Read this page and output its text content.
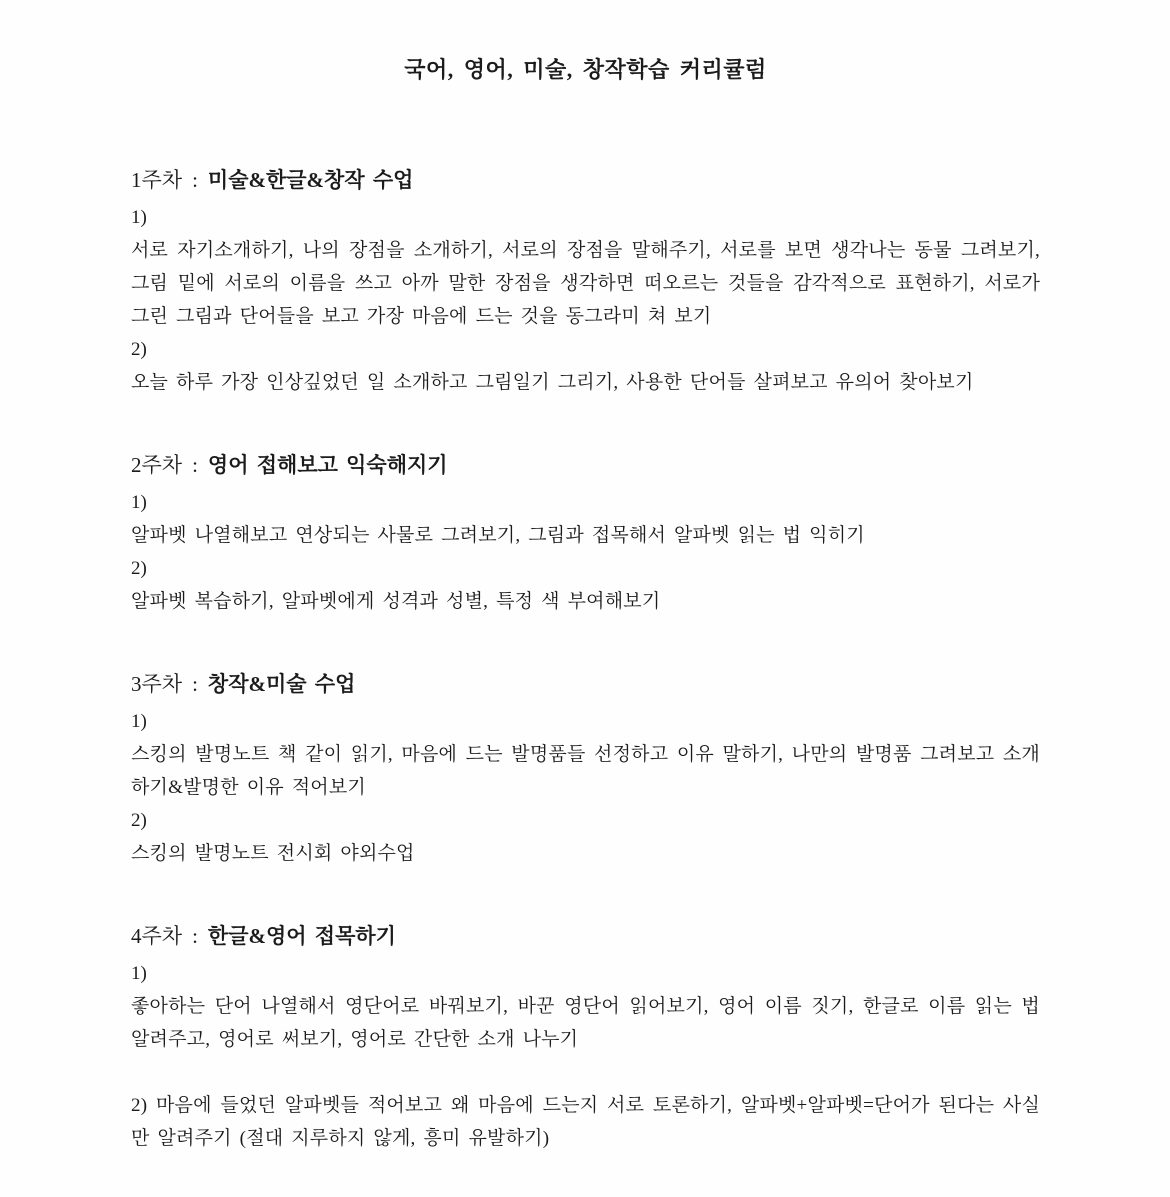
국어, 영어, 미술, 창작학습 커리큘럼
1주차 : 미술&한글&창작 수업
1)

서로 자기소개하기, 나의 장점을 소개하기, 서로의 장점을 말해주기, 서로를 보면 생각나는 동물 그려보기, 그림 밑에 서로의 이름을 쓰고 아까 말한 장점을 생각하면 떠오르는 것들을 감각적으로 표현하기, 서로가 그린 그림과 단어들을 보고 가장 마음에 드는 것을 동그라미 쳐 보기

2)

오늘 하루 가장 인상깊었던 일 소개하고 그림일기 그리기, 사용한 단어들 살펴보고 유의어 찾아보기

2주차 : 영어 접해보고 익숙해지기
1)

알파벳 나열해보고 연상되는 사물로 그려보기, 그림과 접목해서 알파벳 읽는 법 익히기

2)

알파벳 복습하기, 알파벳에게 성격과 성별, 특정 색 부여해보기

3주차 : 창작&미술 수업
1)

스킹의 발명노트 책 같이 읽기, 마음에 드는 발명품들 선정하고 이유 말하기, 나만의 발명품 그려보고 소개하기&발명한 이유 적어보기

2)

스킹의 발명노트 전시회 야외수업

4주차 : 한글&영어 접목하기
1)

좋아하는 단어 나열해서 영단어로 바꿔보기, 바꾼 영단어 읽어보기, 영어 이름 짓기, 한글로 이름 읽는 법 알려주고, 영어로 써보기, 영어로 간단한 소개 나누기

2) 마음에 들었던 알파벳들 적어보고 왜 마음에 드는지 서로 토론하기, 알파벳+알파벳=단어가 된다는 사실만 알려주기 (절대 지루하지 않게, 흥미 유발하기)
